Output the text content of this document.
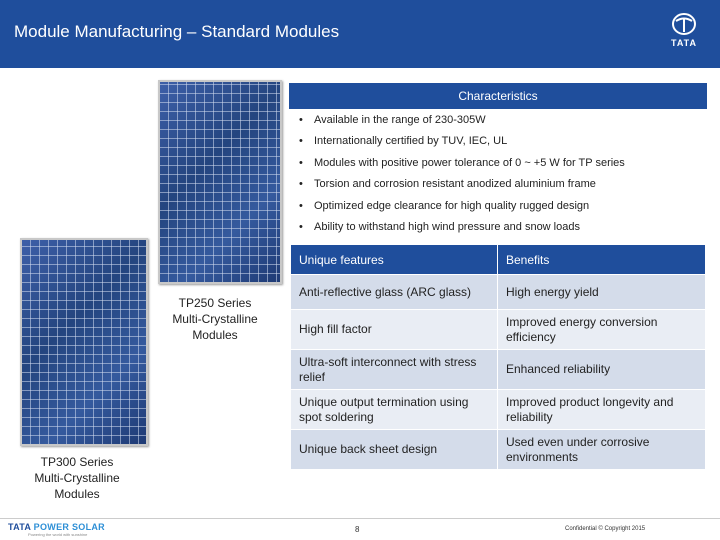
Module Manufacturing – Standard Modules
TATA
TP250 Series
Multi-Crystalline
Modules
TP300 Series
Multi-Crystalline
Modules
Characteristics
• Available in the range of 230-305W
• Internationally certified by TUV, IEC, UL
• Modules with positive power tolerance of 0 ~ +5 W for TP series
• Torsion and corrosion resistant anodized aluminium frame
• Optimized edge clearance for high quality rugged design
• Ability to withstand high wind pressure and snow loads
Unique features	Benefits
Anti-reflective glass (ARC glass)	High energy yield
High fill factor	Improved energy conversion efficiency
Ultra-soft interconnect with stress relief	Enhanced reliability
Unique output termination using spot soldering	Improved product longevity and reliability
Unique back sheet design	Used even under corrosive environments
TATA POWER SOLAR
Powering the world with sunshine
8	Confidential © Copyright 2015
